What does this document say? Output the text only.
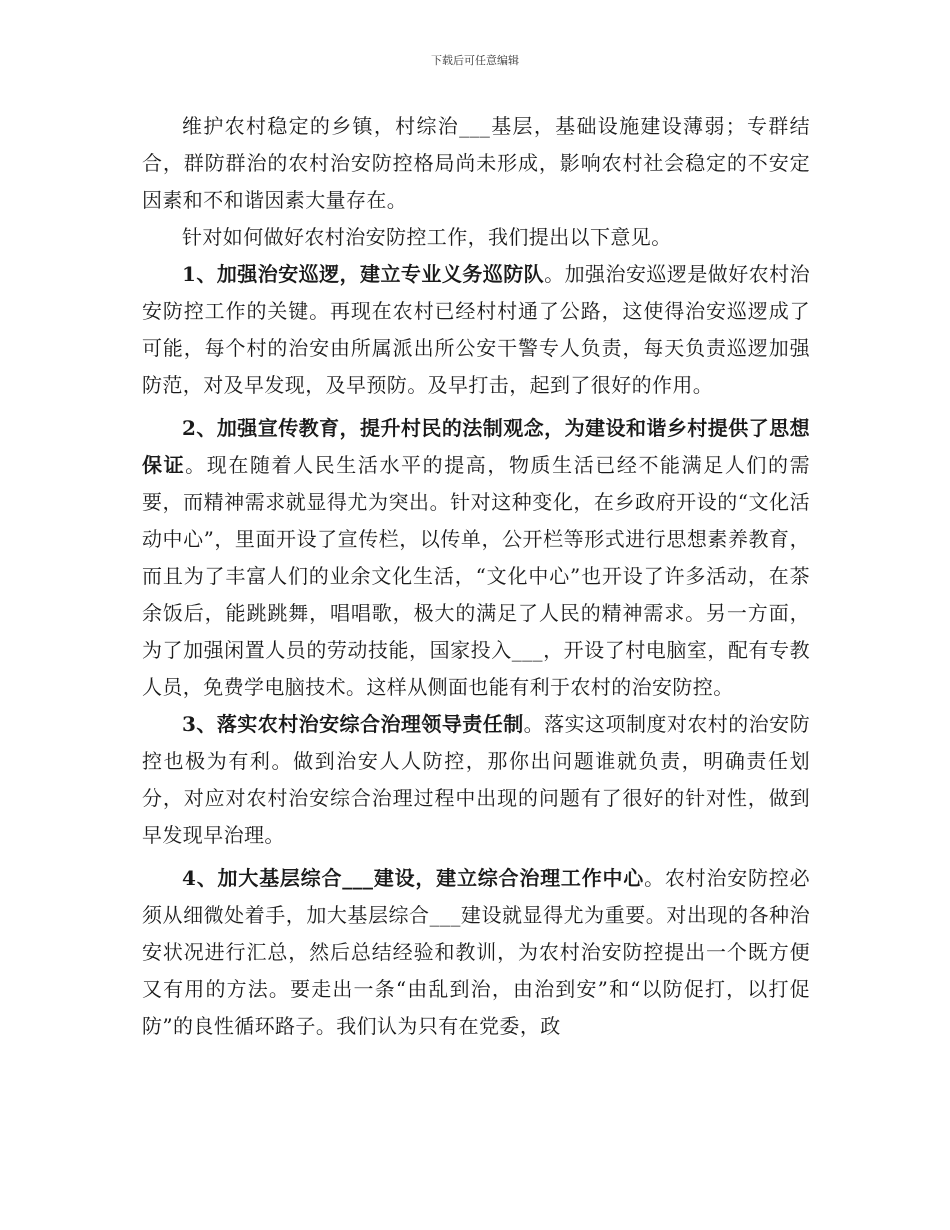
下载后可任意编辑

维护农村稳定的乡镇，村综治___基层，基础设施建设薄弱；专群结合，群防群治的农村治安防控格局尚未形成，影响农村社会稳定的不安定因素和不和谐因素大量存在。

针对如何做好农村治安防控工作，我们提出以下意见。

1、加强治安巡逻，建立专业义务巡防队。加强治安巡逻是做好农村治安防控工作的关键。再现在农村已经村村通了公路，这使得治安巡逻成了可能，每个村的治安由所属派出所公安干警专人负责，每天负责巡逻加强防范，对及早发现，及早预防。及早打击，起到了很好的作用。

2、加强宣传教育，提升村民的法制观念，为建设和谐乡村提供了思想保证。现在随着人民生活水平的提高，物质生活已经不能满足人们的需要，而精神需求就显得尤为突出。针对这种变化，在乡政府开设的“文化活动中心”，里面开设了宣传栏，以传单，公开栏等形式进行思想素养教育，而且为了丰富人们的业余文化生活，“文化中心”也开设了许多活动，在茶余饭后，能跳跳舞，唱唱歌，极大的满足了人民的精神需求。另一方面，为了加强闲置人员的劳动技能，国家投入___，开设了村电脑室，配有专教人员，免费学电脑技术。这样从侧面也能有利于农村的治安防控。

3、落实农村治安综合治理领导责任制。落实这项制度对农村的治安防控也极为有利。做到治安人人防控，那你出问题谁就负责，明确责任划分，对应对农村治安综合治理过程中出现的问题有了很好的针对性，做到早发现早治理。

4、加大基层综合___建设，建立综合治理工作中心。农村治安防控必须从细微处着手，加大基层综合___建设就显得尤为重要。对出现的各种治安状况进行汇总，然后总结经验和教训，为农村治安防控提出一个既方便又有用的方法。要走出一条“由乱到治，由治到安”和“以防促打，以打促防”的良性循环路子。我们认为只有在党委，政
